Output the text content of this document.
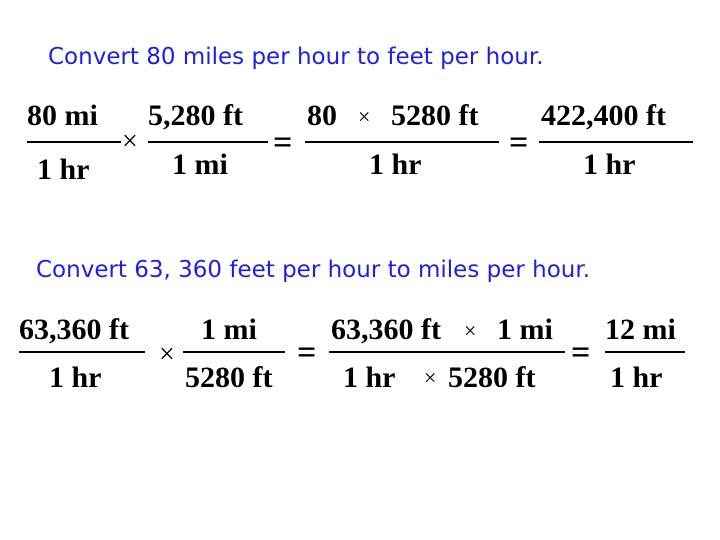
Convert 80 miles per hour to feet per hour.
80 mi
1 hr
×
5,280 ft
1 mi
=
80 × 5280 ft
1 hr
=
422,400 ft
1 hr
Convert 63, 360 feet per hour to miles per hour.
63,360 ft
1 hr
×
1 mi
5280 ft
=
63,360 ft × 1 mi
1 hr × 5280 ft
=
12 mi
1 hr
